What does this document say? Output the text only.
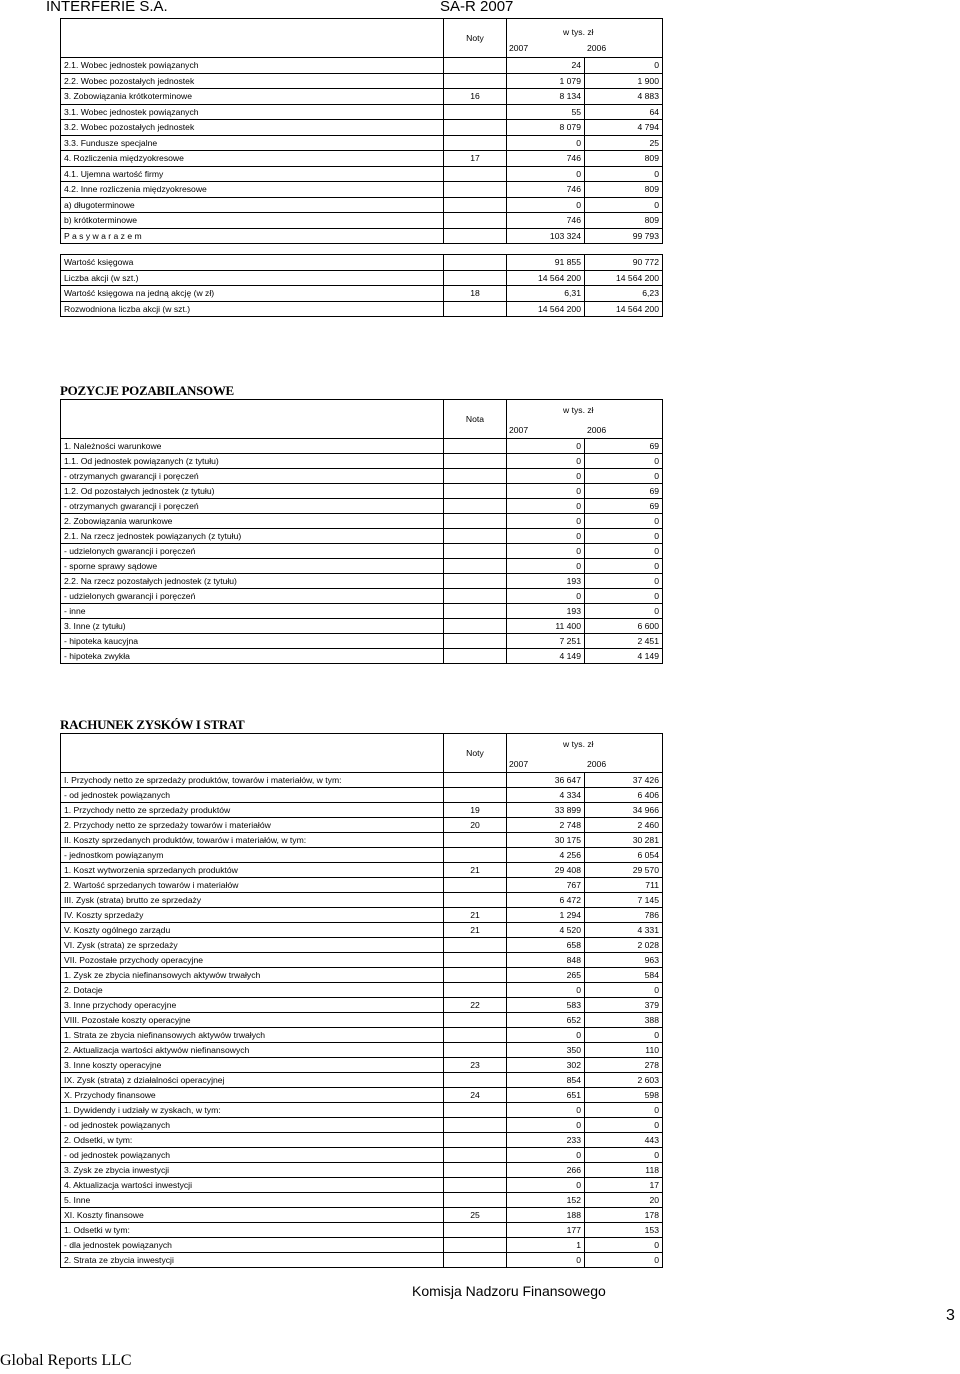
INTERFERIE S.A.	SA-R 2007
	Noty	w tys. zł
2007 2006	

2.1. Wobec jednostek powiązanych		24	0
2.2. Wobec pozostałych jednostek		1 079	1 900
3. Zobowiązania krótkoterminowe	16	8 134	4 883
3.1. Wobec jednostek powiązanych		55	64
3.2. Wobec pozostałych jednostek		8 079	4 794
3.3. Fundusze specjalne		0	25
4. Rozliczenia międzyokresowe	17	746	809
4.1. Ujemna wartość firmy		0	0
4.2. Inne rozliczenia międzyokresowe		746	809
a) długoterminowe		0	0
b) krótkoterminowe		746	809
P a s y w a r a z e m		103 324	99 793
Wartość księgowa		91 855	90 772
Liczba akcji (w szt.)		14 564 200	14 564 200
Wartość księgowa na jedną akcję (w zł)	18	6,31	6,23
Rozwodniona liczba akcji (w szt.)		14 564 200	14 564 200
POZYCJE POZABILANSOWE
	Nota	w tys. zł
2007 2006	

1. Należności warunkowe		0	69
1.1. Od jednostek powiązanych (z tytułu)		0	0
- otrzymanych gwarancji i poręczeń		0	0
1.2. Od pozostałych jednostek (z tytułu)		0	69
- otrzymanych gwarancji i poręczeń		0	69
2. Zobowiązania warunkowe		0	0
2.1. Na rzecz jednostek powiązanych (z tytułu)		0	0
- udzielonych gwarancji i poręczeń		0	0
- sporne sprawy sądowe		0	0
2.2. Na rzecz pozostałych jednostek (z tytułu)		193	0
- udzielonych gwarancji i poręczeń		0	0
- inne		193	0
3. Inne (z tytułu)		11 400	6 600
- hipoteka kaucyjna		7 251	2 451
- hipoteka zwykła		4 149	4 149
RACHUNEK ZYSKÓW I STRAT
	Noty	w tys. zł
2007 2006	

I. Przychody netto ze sprzedaży produktów, towarów i materiałów, w tym:		36 647	37 426
- od jednostek powiązanych		4 334	6 406
1. Przychody netto ze sprzedaży produktów	19	33 899	34 966
2. Przychody netto ze sprzedaży towarów i materiałów	20	2 748	2 460
II. Koszty sprzedanych produktów, towarów i materiałów, w tym:		30 175	30 281
- jednostkom powiązanym		4 256	6 054
1. Koszt wytworzenia sprzedanych produktów	21	29 408	29 570
2. Wartość sprzedanych towarów i materiałów		767	711
III. Zysk (strata) brutto ze sprzedaży		6 472	7 145
IV. Koszty sprzedaży	21	1 294	786
V. Koszty ogólnego zarządu	21	4 520	4 331
VI. Zysk (strata) ze sprzedaży		658	2 028
VII. Pozostałe przychody operacyjne		848	963
1. Zysk ze zbycia niefinansowych aktywów trwałych		265	584
2. Dotacje		0	0
3. Inne przychody operacyjne	22	583	379
VIII. Pozostałe koszty operacyjne		652	388
1. Strata ze zbycia niefinansowych aktywów trwałych		0	0
2. Aktualizacja wartości aktywów niefinansowych		350	110
3. Inne koszty operacyjne	23	302	278
IX. Zysk (strata) z działalności operacyjnej		854	2 603
X. Przychody finansowe	24	651	598
1. Dywidendy i udziały w zyskach, w tym:		0	0
- od jednostek powiązanych		0	0
2. Odsetki, w tym:		233	443
- od jednostek powiązanych		0	0
3. Zysk ze zbycia inwestycji		266	118
4. Aktualizacja wartości inwestycji		0	17
5. Inne		152	20
XI. Koszty finansowe	25	188	178
1. Odsetki w tym:		177	153
- dla jednostek powiązanych		1	0
2. Strata ze zbycia inwestycji		0	0
Komisja Nadzoru Finansowego
3
Global Reports LLC
